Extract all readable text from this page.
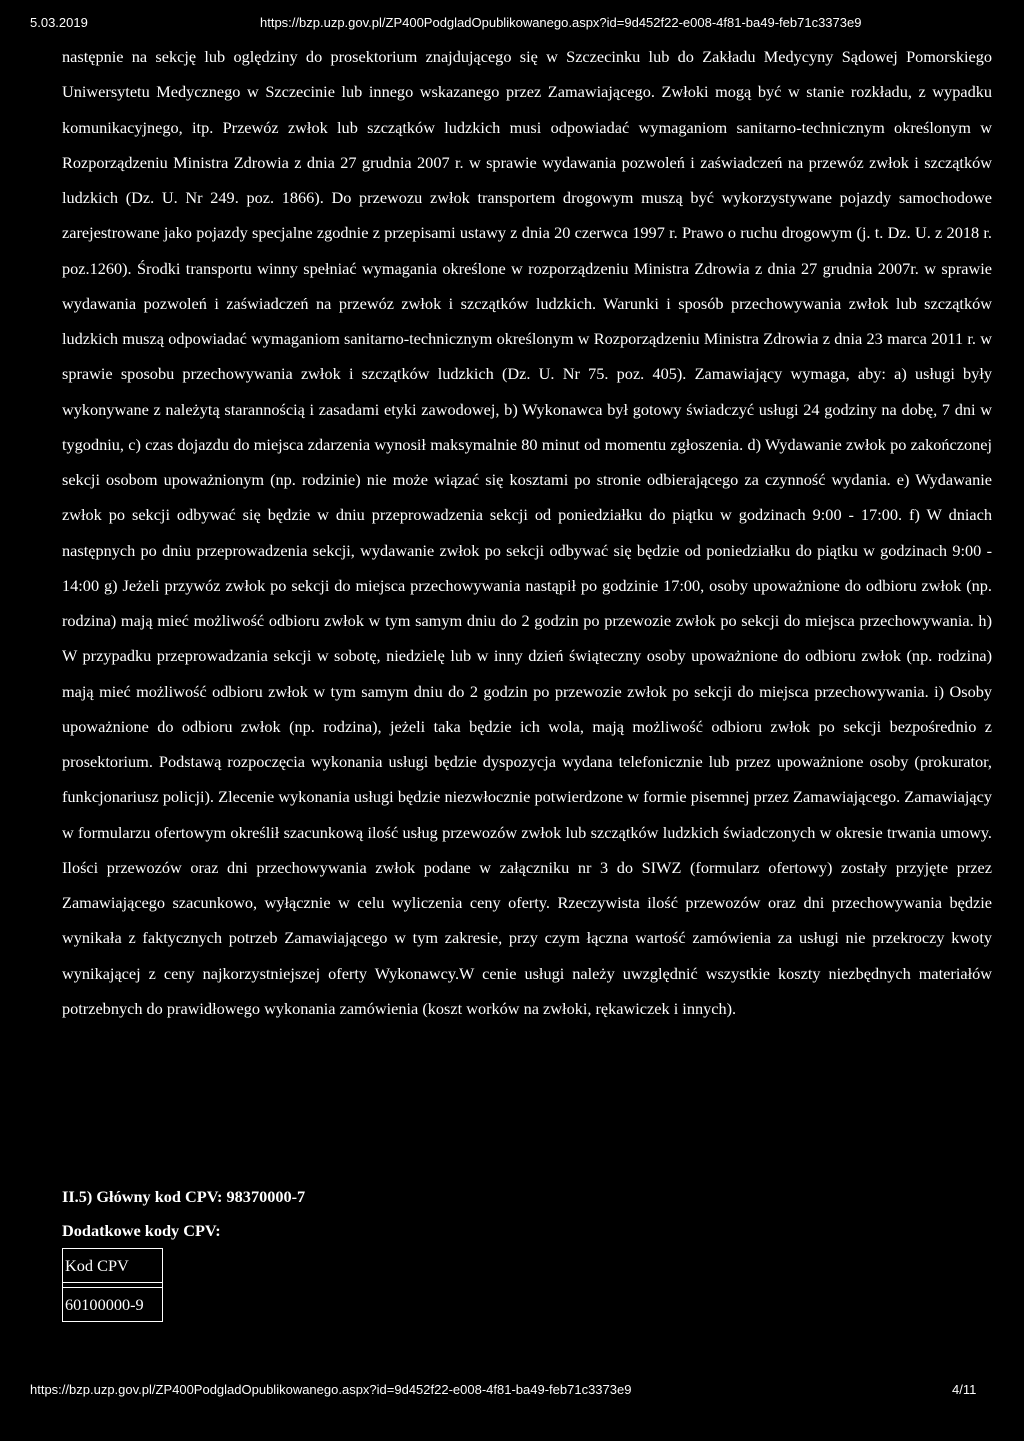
5.03.2019	https://bzp.uzp.gov.pl/ZP400PodgladOpublikowanego.aspx?id=9d452f22-e008-4f81-ba49-feb71c3373e9

następnie na sekcję lub oględziny do prosektorium znajdującego się w Szczecinku lub do Zakładu Medycyny Sądowej Pomorskiego Uniwersytetu Medycznego w Szczecinie lub innego wskazanego przez Zamawiającego. Zwłoki mogą być w stanie rozkładu, z wypadku komunikacyjnego, itp. Przewóz zwłok lub szczątków ludzkich musi odpowiadać wymaganiom sanitarno-technicznym określonym w Rozporządzeniu Ministra Zdrowia z dnia 27 grudnia 2007 r. w sprawie wydawania pozwoleń i zaświadczeń na przewóz zwłok i szczątków ludzkich (Dz. U. Nr 249. poz. 1866). Do przewozu zwłok transportem drogowym muszą być wykorzystywane pojazdy samochodowe zarejestrowane jako pojazdy specjalne zgodnie z przepisami ustawy z dnia 20 czerwca 1997 r. Prawo o ruchu drogowym (j. t. Dz. U. z 2018 r. poz.1260). Środki transportu winny spełniać wymagania określone w rozporządzeniu Ministra Zdrowia z dnia 27 grudnia 2007r. w sprawie wydawania pozwoleń i zaświadczeń na przewóz zwłok i szczątków ludzkich. Warunki i sposób przechowywania zwłok lub szczątków ludzkich muszą odpowiadać wymaganiom sanitarno-technicznym określonym w Rozporządzeniu Ministra Zdrowia z dnia 23 marca 2011 r. w sprawie sposobu przechowywania zwłok i szczątków ludzkich (Dz. U. Nr 75. poz. 405). Zamawiający wymaga, aby: a) usługi były wykonywane z należytą starannością i zasadami etyki zawodowej, b) Wykonawca był gotowy świadczyć usługi 24 godziny na dobę, 7 dni w tygodniu, c) czas dojazdu do miejsca zdarzenia wynosił maksymalnie 80 minut od momentu zgłoszenia. d) Wydawanie zwłok po zakończonej sekcji osobom upoważnionym (np. rodzinie) nie może wiązać się kosztami po stronie odbierającego za czynność wydania. e) Wydawanie zwłok po sekcji odbywać się będzie w dniu przeprowadzenia sekcji od poniedziałku do piątku w godzinach 9:00 - 17:00. f) W dniach następnych po dniu przeprowadzenia sekcji, wydawanie zwłok po sekcji odbywać się będzie od poniedziałku do piątku w godzinach 9:00 - 14:00 g) Jeżeli przywóz zwłok po sekcji do miejsca przechowywania nastąpił po godzinie 17:00, osoby upoważnione do odbioru zwłok (np. rodzina) mają mieć możliwość odbioru zwłok w tym samym dniu do 2 godzin po przewozie zwłok po sekcji do miejsca przechowywania. h) W przypadku przeprowadzania sekcji w sobotę, niedzielę lub w inny dzień świąteczny osoby upoważnione do odbioru zwłok (np. rodzina) mają mieć możliwość odbioru zwłok w tym samym dniu do 2 godzin po przewozie zwłok po sekcji do miejsca przechowywania. i) Osoby upoważnione do odbioru zwłok (np. rodzina), jeżeli taka będzie ich wola, mają możliwość odbioru zwłok po sekcji bezpośrednio z prosektorium. Podstawą rozpoczęcia wykonania usługi będzie dyspozycja wydana telefonicznie lub przez upoważnione osoby (prokurator, funkcjonariusz policji). Zlecenie wykonania usługi będzie niezwłocznie potwierdzone w formie pisemnej przez Zamawiającego. Zamawiający w formularzu ofertowym określił szacunkową ilość usług przewozów zwłok lub szczątków ludzkich świadczonych w okresie trwania umowy. Ilości przewozów oraz dni przechowywania zwłok podane w załączniku nr 3 do SIWZ (formularz ofertowy) zostały przyjęte przez Zamawiającego szacunkowo, wyłącznie w celu wyliczenia ceny oferty. Rzeczywista ilość przewozów oraz dni przechowywania będzie wynikała z faktycznych potrzeb Zamawiającego w tym zakresie, przy czym łączna wartość zamówienia za usługi nie przekroczy kwoty wynikającej z ceny najkorzystniejszej oferty Wykonawcy.W cenie usługi należy uwzględnić wszystkie koszty niezbędnych materiałów potrzebnych do prawidłowego wykonania zamówienia (koszt worków na zwłoki, rękawiczek i innych).

II.5) Główny kod CPV: 98370000-7
Dodatkowe kody CPV:
Kod CPV

60100000-9
https://bzp.uzp.gov.pl/ZP400PodgladOpublikowanego.aspx?id=9d452f22-e008-4f81-ba49-feb71c3373e9	4/11
